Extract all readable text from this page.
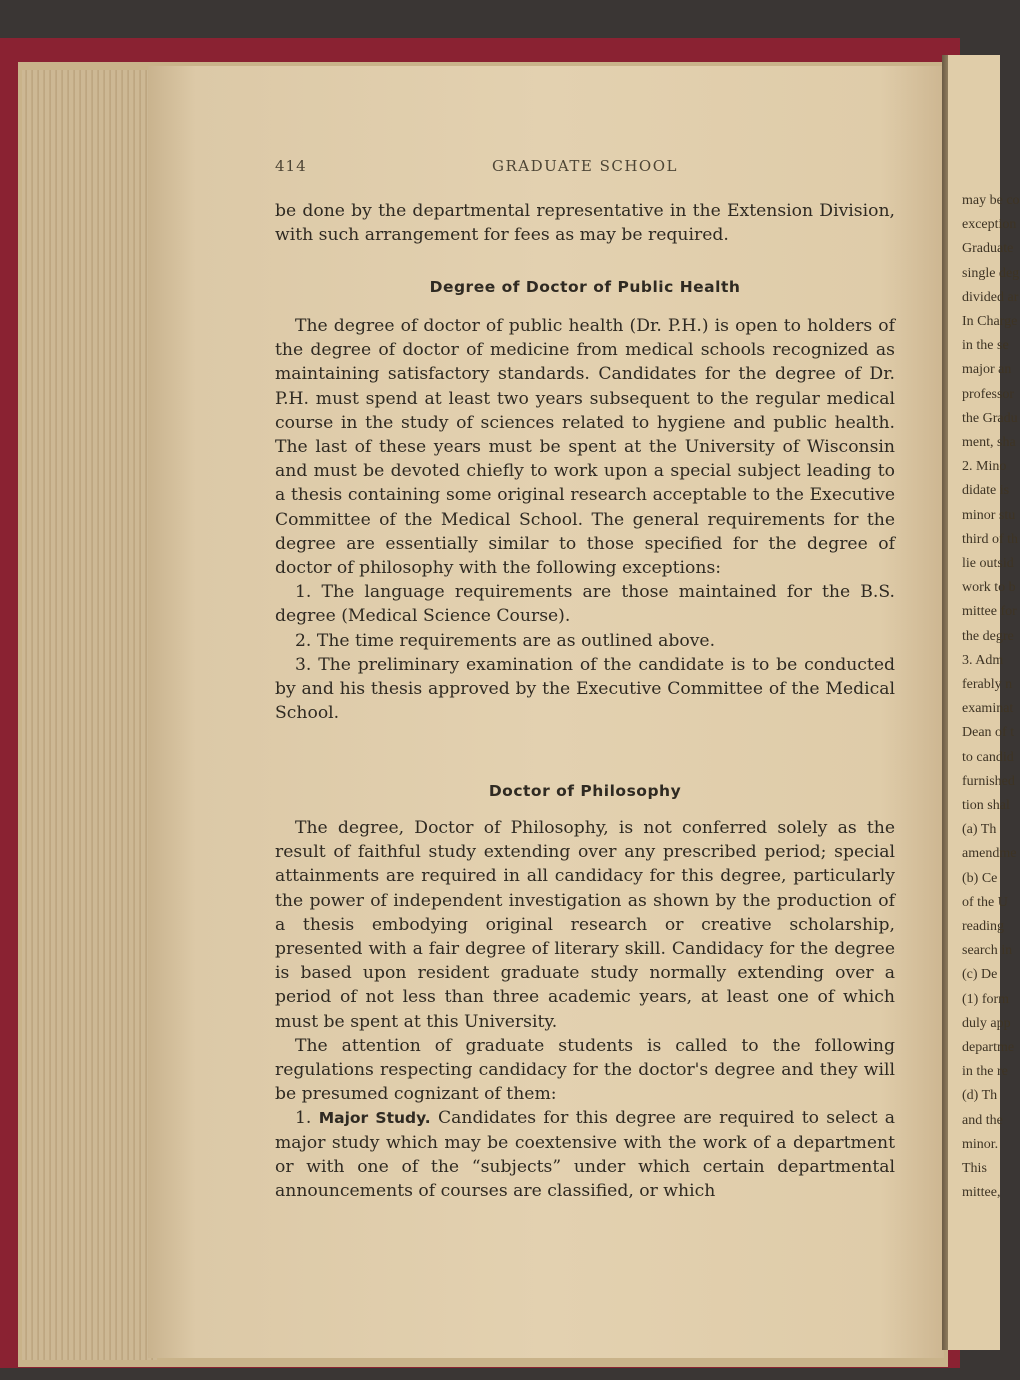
may be co
exception
Graduate
single deg
divided ar
In Charge
in the se
major an
professor
the Gradu
ment, sha
2. Mino
didate is
minor stu
third of th
lie outsid
work to b
mittee for
the degre
3. Adm
ferably n
examinat
Dean of t
to candid
furnished
tion shal
(a) Th
amendme
(b) Ce
of the U
reading
search in
(c) De
(1) form
duly app
departme
in the re
(d) Th
and the
minor.
This
mittee,
414	GRADUATE SCHOOL

be done by the departmental representative in the Extension Division, with such arrangement for fees as may be required.

Degree of Doctor of Public Health

The degree of doctor of public health (Dr. P.H.) is open to holders of the degree of doctor of medicine from medical schools recognized as maintaining satisfactory standards. Candidates for the degree of Dr. P.H. must spend at least two years subsequent to the regular medical course in the study of sciences related to hygiene and public health. The last of these years must be spent at the University of Wisconsin and must be devoted chiefly to work upon a special subject leading to a thesis containing some original research acceptable to the Executive Committee of the Medical School. The general requirements for the degree are essentially similar to those specified for the degree of doctor of philosophy with the following exceptions:

1. The language requirements are those maintained for the B.S. degree (Medical Science Course).

2. The time requirements are as outlined above.

3. The preliminary examination of the candidate is to be conducted by and his thesis approved by the Executive Committee of the Medical School.

Doctor of Philosophy

The degree, Doctor of Philosophy, is not conferred solely as the result of faithful study extending over any prescribed period; special attainments are required in all candidacy for this degree, particularly the power of independent investigation as shown by the production of a thesis embodying original research or creative scholarship, presented with a fair degree of literary skill. Candidacy for the degree is based upon resident graduate study normally extending over a period of not less than three academic years, at least one of which must be spent at this University.

The attention of graduate students is called to the following regulations respecting candidacy for the doctor's degree and they will be presumed cognizant of them:

1. Major Study. Candidates for this degree are required to select a major study which may be coextensive with the work of a department or with one of the “subjects” under which certain departmental announcements of courses are classified, or which
